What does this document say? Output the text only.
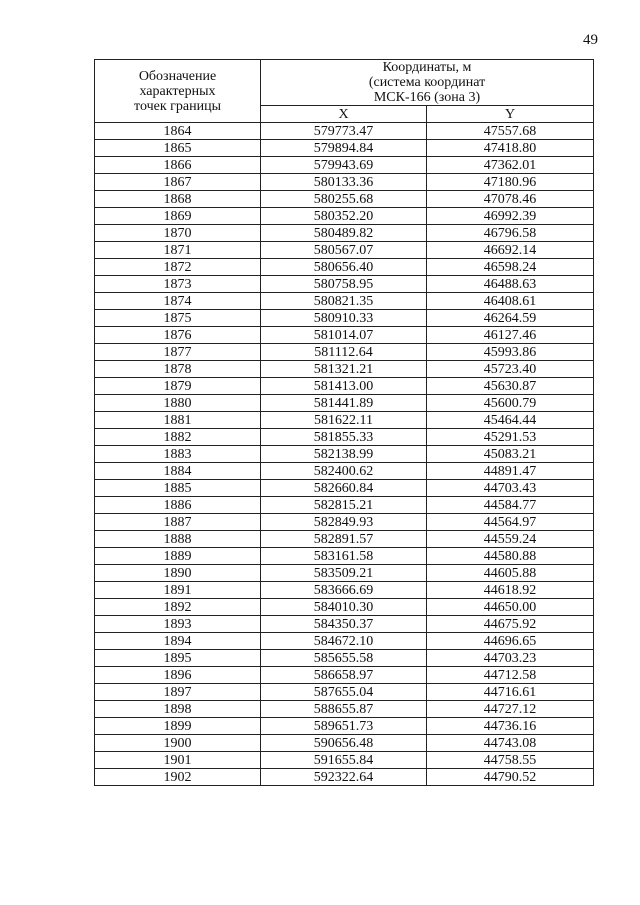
49
Обозначение
характерных
точек границы	Координаты, м
(система координат
МСК-166 (зона 3)	

	X	Y
1864	579773.47	47557.68
1865	579894.84	47418.80
1866	579943.69	47362.01
1867	580133.36	47180.96
1868	580255.68	47078.46
1869	580352.20	46992.39
1870	580489.82	46796.58
1871	580567.07	46692.14
1872	580656.40	46598.24
1873	580758.95	46488.63
1874	580821.35	46408.61
1875	580910.33	46264.59
1876	581014.07	46127.46
1877	581112.64	45993.86
1878	581321.21	45723.40
1879	581413.00	45630.87
1880	581441.89	45600.79
1881	581622.11	45464.44
1882	581855.33	45291.53
1883	582138.99	45083.21
1884	582400.62	44891.47
1885	582660.84	44703.43
1886	582815.21	44584.77
1887	582849.93	44564.97
1888	582891.57	44559.24
1889	583161.58	44580.88
1890	583509.21	44605.88
1891	583666.69	44618.92
1892	584010.30	44650.00
1893	584350.37	44675.92
1894	584672.10	44696.65
1895	585655.58	44703.23
1896	586658.97	44712.58
1897	587655.04	44716.61
1898	588655.87	44727.12
1899	589651.73	44736.16
1900	590656.48	44743.08
1901	591655.84	44758.55
1902	592322.64	44790.52
